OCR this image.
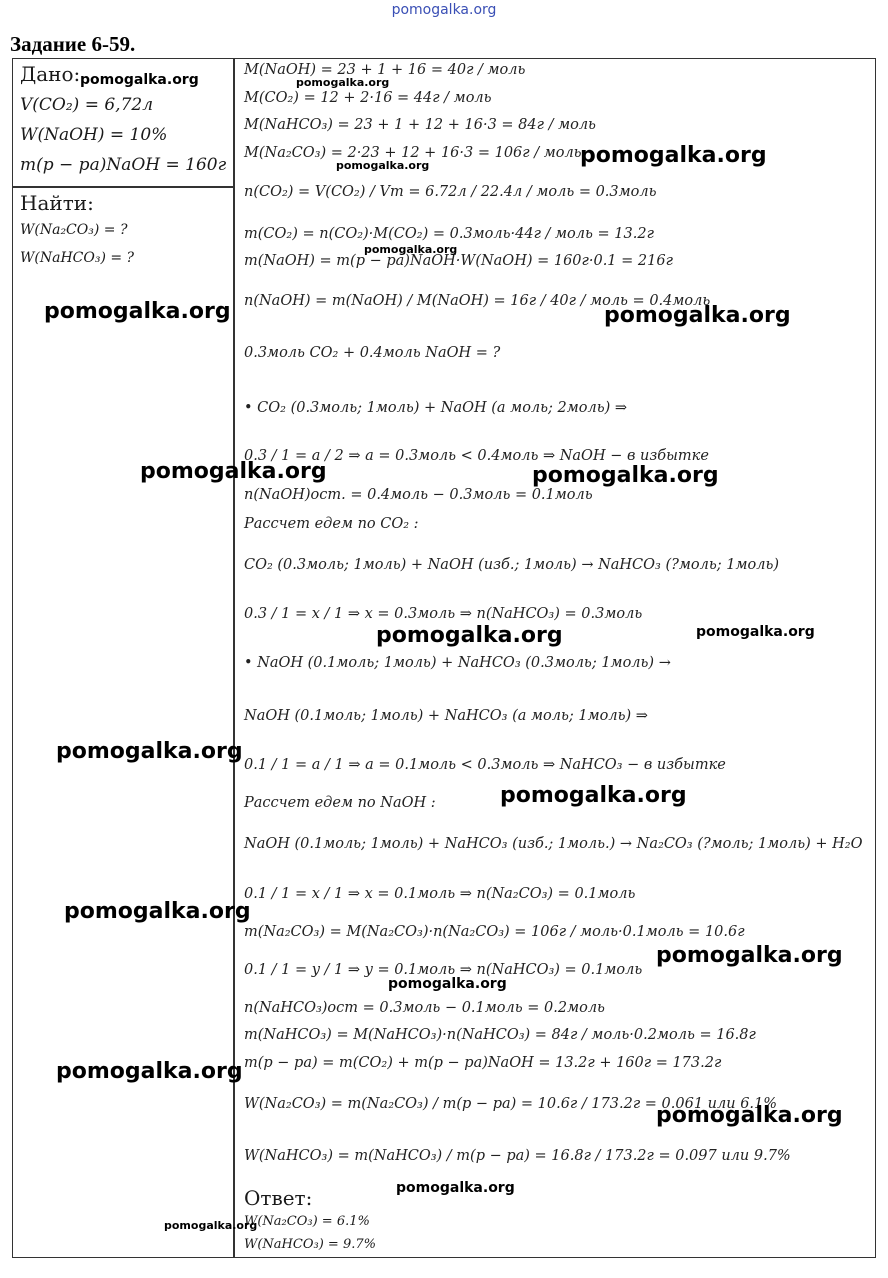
pomogalka.org
Задание 6-59.
Дано:
V(CO₂) = 6,72л
W(NaOH) = 10%
m(р − ра)NaOH = 160г
Найти:
W(Na₂CO₃) = ?
W(NaHCO₃) = ?
M(NaOH) = 23 + 1 + 16 = 40г / моль
M(CO₂) = 12 + 2·16 = 44г / моль
M(NaHCO₃) = 23 + 1 + 12 + 16·3 = 84г / моль
M(Na₂CO₃) = 2·23 + 12 + 16·3 = 106г / моль
n(CO₂) = V(CO₂) / Vm = 6.72л / 22.4л / моль = 0.3моль
m(CO₂) = n(CO₂)·M(CO₂) = 0.3моль·44г / моль = 13.2г
m(NaOH) = m(р − ра)NaOH·W(NaOH) = 160г·0.1 = 216г
n(NaOH) = m(NaOH) / M(NaOH) = 16г / 40г / моль = 0.4моль
0.3моль CO₂ + 0.4моль NaOH = ?
• CO₂ (0.3моль; 1моль) + NaOH (а моль; 2моль) ⇒
0.3 / 1 = а / 2 ⇒ а = 0.3моль < 0.4моль ⇒ NaOH − в избытке
n(NaOH)ост. = 0.4моль − 0.3моль = 0.1моль
Рассчет едем по CO₂ :
CO₂ (0.3моль; 1моль) + NaOH (изб.; 1моль) → NaHCO₃ (?моль; 1моль)
0.3 / 1 = x / 1 ⇒ x = 0.3моль ⇒ n(NaHCO₃) = 0.3моль
• NaOH (0.1моль; 1моль) + NaHCO₃ (0.3моль; 1моль) →
NaOH (0.1моль; 1моль) + NaHCO₃ (а моль; 1моль) ⇒
0.1 / 1 = а / 1 ⇒ а = 0.1моль < 0.3моль ⇒ NaHCO₃ − в избытке
Рассчет едем по NaOH :
NaOH (0.1моль; 1моль) + NaHCO₃ (изб.; 1моль.) → Na₂CO₃ (?моль; 1моль) + H₂O
0.1 / 1 = x / 1 ⇒ x = 0.1моль ⇒ n(Na₂CO₃) = 0.1моль
m(Na₂CO₃) = M(Na₂CO₃)·n(Na₂CO₃) = 106г / моль·0.1моль = 10.6г
0.1 / 1 = y / 1 ⇒ y = 0.1моль ⇒ n(NaHCO₃) = 0.1моль
n(NaHCO₃)ост = 0.3моль − 0.1моль = 0.2моль
m(NaHCO₃) = M(NaHCO₃)·n(NaHCO₃) = 84г / моль·0.2моль = 16.8г
m(р − ра) = m(CO₂) + m(р − ра)NaOH = 13.2г + 160г = 173.2г
W(Na₂CO₃) = m(Na₂CO₃) / m(р − ра) = 10.6г / 173.2г = 0.061 или 6.1%
W(NaHCO₃) = m(NaHCO₃) / m(р − ра) = 16.8г / 173.2г = 0.097 или 9.7%
Ответ:
W(Na₂CO₃) = 6.1%
W(NaHCO₃) = 9.7%
pomogalka.org	pomogalka.org
pomogalka.org
pomogalka.org
pomogalka.org
pomogalka.org	pomogalka.org
pomogalka.org	pomogalka.org
pomogalka.org	pomogalka.org
pomogalka.org
pomogalka.org
pomogalka.org
pomogalka.org
pomogalka.org
pomogalka.org
pomogalka.org
pomogalka.org
pomogalka.org
